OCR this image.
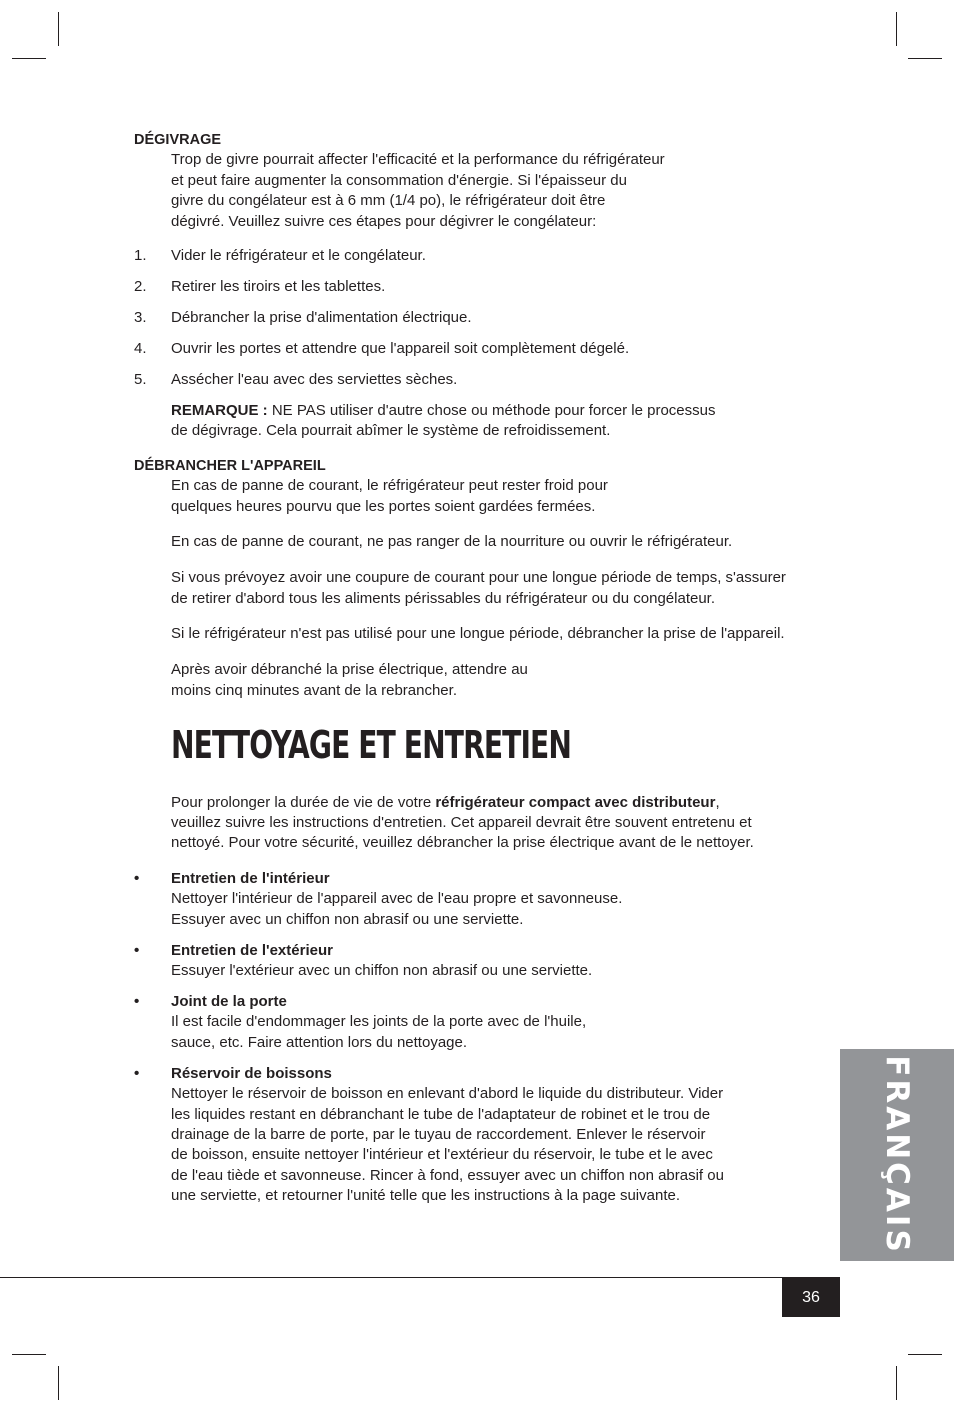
DÉGIVRAGE

Trop de givre pourrait affecter l'efficacité et la performance du réfrigérateur

et peut faire augmenter la consommation d'énergie. Si l'épaisseur du

givre du congélateur est à 6 mm (1/4 po), le réfrigérateur doit être

dégivré. Veuillez suivre ces étapes pour dégivrer le congélateur:

1. Vider le réfrigérateur et le congélateur.
2. Retirer les tiroirs et les tablettes.
3. Débrancher la prise d'alimentation électrique.
4. Ouvrir les portes et attendre que l'appareil soit complètement dégelé.
5. Assécher l'eau avec des serviettes sèches.

REMARQUE : NE PAS utiliser d'autre chose ou méthode pour forcer le processus

de dégivrage. Cela pourrait abîmer le système de refroidissement.

DÉBRANCHER L'APPAREIL

En cas de panne de courant, le réfrigérateur peut rester froid pour

quelques heures pourvu que les portes soient gardées fermées.

En cas de panne de courant, ne pas ranger de la nourriture ou ouvrir le réfrigérateur.

Si vous prévoyez avoir une coupure de courant pour une longue période de temps, s'assurer

de retirer d'abord tous les aliments périssables du réfrigérateur ou du congélateur.

Si le réfrigérateur n'est pas utilisé pour une longue période, débrancher la prise de l'appareil.

Après avoir débranché la prise électrique, attendre au

moins cinq minutes avant de la rebrancher.

NETTOYAGE ET ENTRETIEN

Pour prolonger la durée de vie de votre réfrigérateur compact avec distributeur,

veuillez suivre les instructions d'entretien. Cet appareil devrait être souvent entretenu et

nettoyé. Pour votre sécurité, veuillez débrancher la prise électrique avant de le nettoyer.

• Entretien de l'intérieur

Nettoyer l'intérieur de l'appareil avec de l'eau propre et savonneuse.

Essuyer avec un chiffon non abrasif ou une serviette.

• Entretien de l'extérieur

Essuyer l'extérieur avec un chiffon non abrasif ou une serviette.

• Joint de la porte

Il est facile d'endommager les joints de la porte avec de l'huile,

sauce, etc. Faire attention lors du nettoyage.

• Réservoir de boissons

Nettoyer le réservoir de boisson en enlevant d'abord le liquide du distributeur. Vider

les liquides restant en débranchant le tube de l'adaptateur de robinet et le trou de

drainage de la barre de porte, par le tuyau de raccordement. Enlever le réservoir

de boisson, ensuite nettoyer l'intérieur et l'extérieur du réservoir, le tube et le avec

de l'eau tiède et savonneuse. Rincer à fond, essuyer avec un chiffon non abrasif ou

une serviette, et retourner l'unité telle que les instructions à la page suivante.	FRANÇAIS
36
